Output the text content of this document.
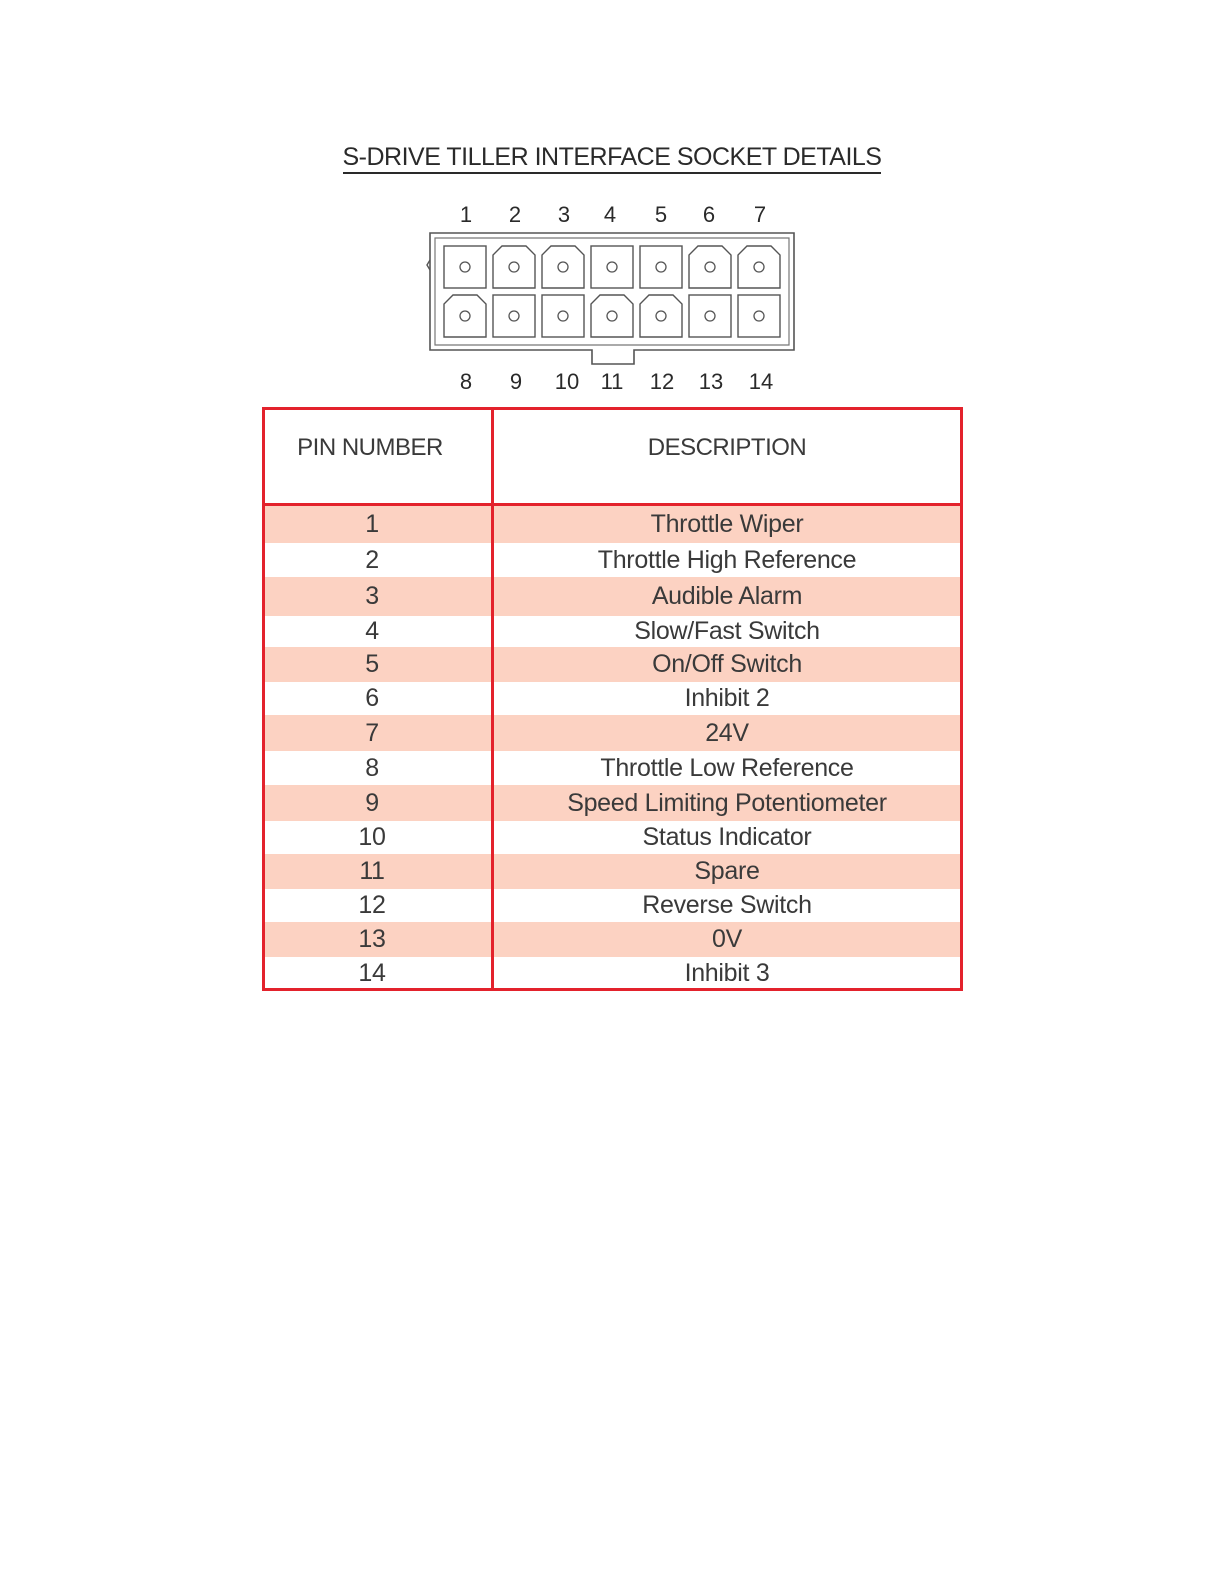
S-DRIVE TILLER INTERFACE SOCKET DETAILS
1	2	3	4	5	6	7
8	9	10 11	12	13	14
PIN NUMBER	DESCRIPTION
1	Throttle Wiper
2	Throttle High Reference
3	Audible Alarm
4	Slow/Fast Switch
5	On/Off Switch
6	Inhibit 2
7	24V
8	Throttle Low Reference
9	Speed Limiting Potentiometer
10	Status Indicator
11	Spare
12	Reverse Switch
13	0V
14	Inhibit 3
